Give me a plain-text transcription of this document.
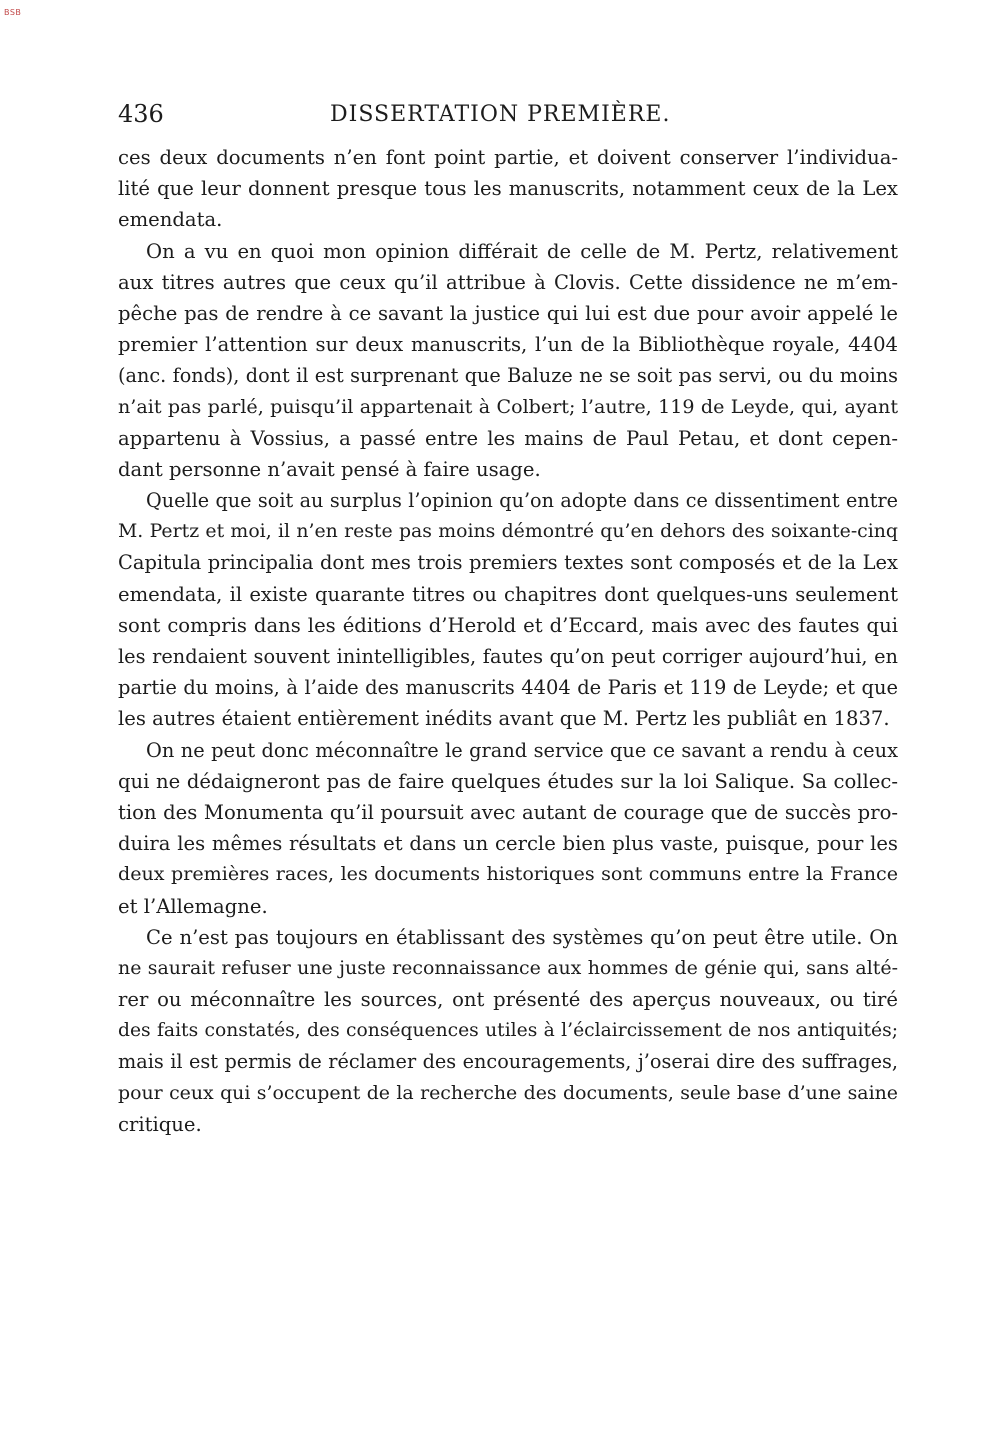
BSB
436	DISSERTATION PREMIÈRE.
ces deux documents n’en font point partie, et doivent conserver l’individua-
lité que leur donnent presque tous les manuscrits, notamment ceux de la Lex
emendata.
On a vu en quoi mon opinion différait de celle de M. Pertz, relativement
aux titres autres que ceux qu’il attribue à Clovis. Cette dissidence ne m’em-
pêche pas de rendre à ce savant la justice qui lui est due pour avoir appelé le
premier l’attention sur deux manuscrits, l’un de la Bibliothèque royale, 4404
(anc. fonds), dont il est surprenant que Baluze ne se soit pas servi, ou du moins
n’ait pas parlé, puisqu’il appartenait à Colbert; l’autre, 119 de Leyde, qui, ayant
appartenu à Vossius, a passé entre les mains de Paul Petau, et dont cepen-
dant personne n’avait pensé à faire usage.
Quelle que soit au surplus l’opinion qu’on adopte dans ce dissentiment entre
M. Pertz et moi, il n’en reste pas moins démontré qu’en dehors des soixante-cinq
Capitula principalia dont mes trois premiers textes sont composés et de la Lex
emendata, il existe quarante titres ou chapitres dont quelques-uns seulement
sont compris dans les éditions d’Herold et d’Eccard, mais avec des fautes qui
les rendaient souvent inintelligibles, fautes qu’on peut corriger aujourd’hui, en
partie du moins, à l’aide des manuscrits 4404 de Paris et 119 de Leyde; et que
les autres étaient entièrement inédits avant que M. Pertz les publiât en 1837.
On ne peut donc méconnaître le grand service que ce savant a rendu à ceux
qui ne dédaigneront pas de faire quelques études sur la loi Salique. Sa collec-
tion des Monumenta qu’il poursuit avec autant de courage que de succès pro-
duira les mêmes résultats et dans un cercle bien plus vaste, puisque, pour les
deux premières races, les documents historiques sont communs entre la France
et l’Allemagne.
Ce n’est pas toujours en établissant des systèmes qu’on peut être utile. On
ne saurait refuser une juste reconnaissance aux hommes de génie qui, sans alté-
rer ou méconnaître les sources, ont présenté des aperçus nouveaux, ou tiré
des faits constatés, des conséquences utiles à l’éclaircissement de nos antiquités;
mais il est permis de réclamer des encouragements, j’oserai dire des suffrages,
pour ceux qui s’occupent de la recherche des documents, seule base d’une saine
critique.
